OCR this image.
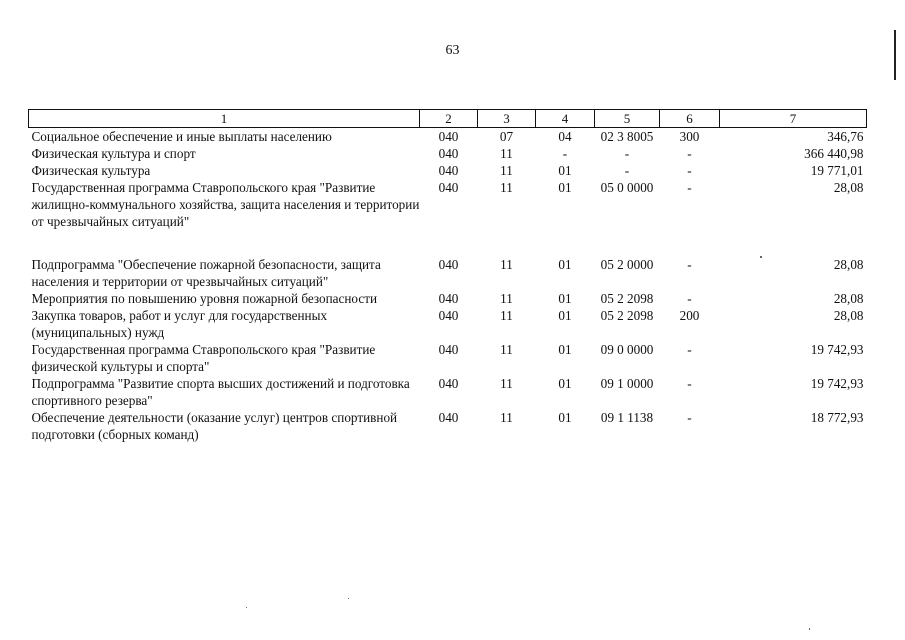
63
1	2	3	4	5	6	7
Социальное обеспечение и иные выплаты населению	040	07	04	02 3 8005	300	346,76
Физическая культура и спорт	040	11	-	-	-	366 440,98
Физическая культура	040	11	01	-	-	19 771,01
Государственная программа Ставропольского края "Развитие жилищно-коммунального хозяйства, защита населения и территории от чрезвычайных ситуаций"	040	11	01	05 0 0000	-	28,08

Подпрограмма "Обеспечение пожарной безопасности, защита населения и территории от чрезвычайных ситуаций"	040	11	01	05 2 0000	-	28,08
Мероприятия по повышению уровня пожарной безопасности	040	11	01	05 2 2098	-	28,08
Закупка товаров, работ и услуг для государственных (муниципальных) нужд	040	11	01	05 2 2098	200	28,08
Государственная программа Ставропольского края "Развитие физической культуры и спорта"	040	11	01	09 0 0000	-	19 742,93
Подпрограмма "Развитие спорта высших достижений и подготовка спортивного резерва"	040	11	01	09 1 0000	-	19 742,93
Обеспечение деятельности (оказание услуг) центров спортивной подготовки (сборных команд)	040	11	01	09 1 1138	-	18 772,93
